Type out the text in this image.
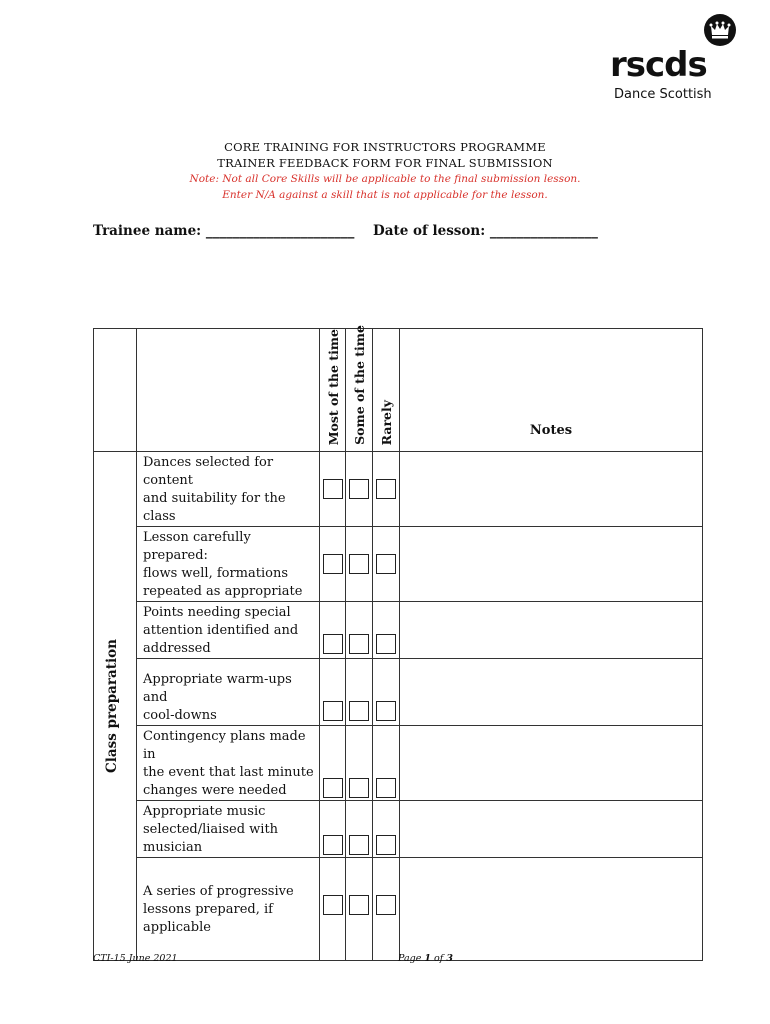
rscds
Dance Scottish
CORE TRAINING FOR INSTRUCTORS PROGRAMME
TRAINER FEEDBACK FORM FOR FINAL SUBMISSION
Note: Not all Core Skills will be applicable to the final submission lesson.
Enter N/A against a skill that is not applicable for the lesson.
Trainee name: ______________________ Date of lesson: ________________

		Most of the time	Some of the time	Rarely	Notes

Class preparation	Dances selected for content
and suitability for the class				

	Lesson carefully prepared:
flows well, formations
repeated as appropriate				

	Points needing special
attention identified and
addressed				

	Appropriate warm-ups and
cool-downs				

	Contingency plans made in
the event that last minute
changes were needed				

	Appropriate music
selected/liaised with
musician				

	A series of progressive
lessons prepared, if
applicable				

CTI-15 June 2021	Page 1 of 3
